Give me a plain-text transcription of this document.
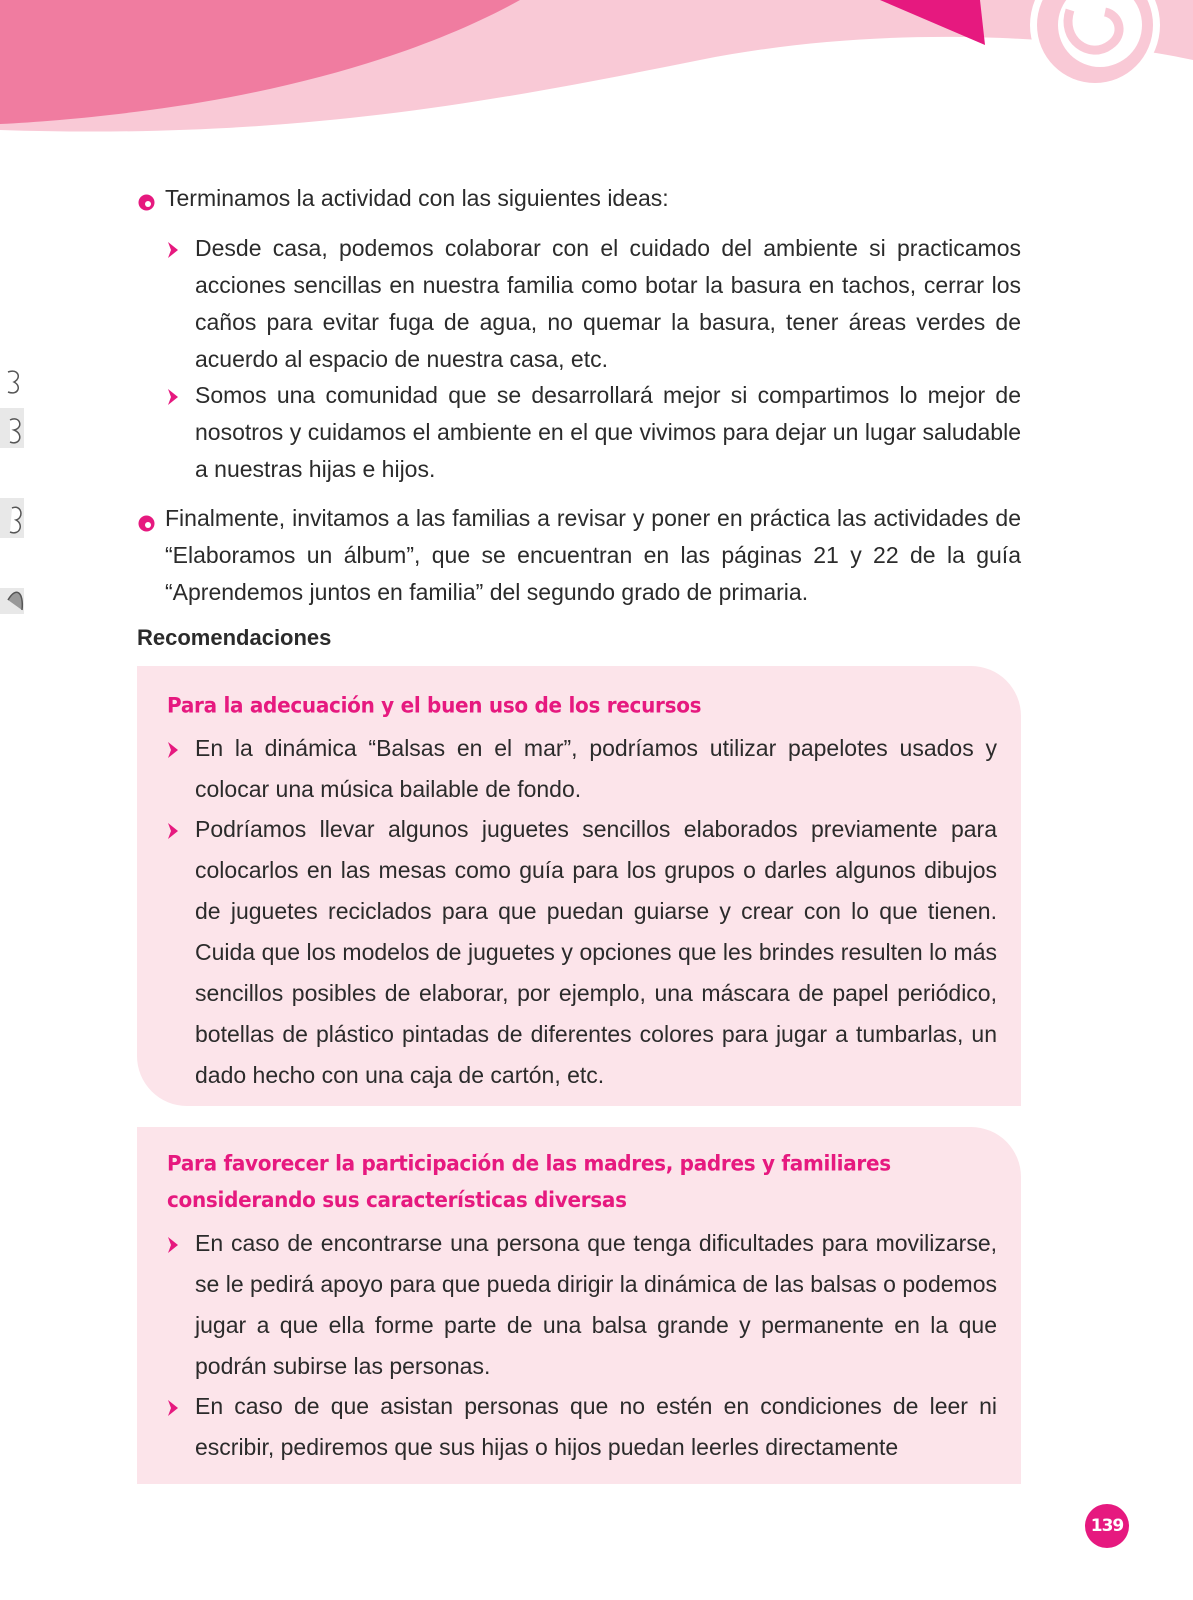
Terminamos la actividad con las siguientes ideas:
Desde casa, podemos colaborar con el cuidado del ambiente si practicamos acciones sencillas en nuestra familia como botar la basura en tachos, cerrar los caños para evitar fuga de agua, no quemar la basura, tener áreas verdes de acuerdo al espacio de nuestra casa, etc.
Somos una comunidad que se desarrollará mejor si compartimos lo mejor de nosotros y cuidamos el ambiente en el que vivimos para dejar un lugar saludable a nuestras hijas e hijos.
Finalmente, invitamos a las familias a revisar y poner en práctica las actividades de “Elaboramos un álbum”, que se encuentran en las páginas 21 y 22 de la guía “Aprendemos juntos en familia” del segundo grado de primaria.
Recomendaciones
Para la adecuación y el buen uso de los recursos
En la dinámica “Balsas en el mar”, podríamos utilizar papelotes usados y colocar una música bailable de fondo.
Podríamos llevar algunos juguetes sencillos elaborados previamente para colocarlos en las mesas como guía para los grupos o darles algunos dibujos de juguetes reciclados para que puedan guiarse y crear con lo que tienen. Cuida que los modelos de juguetes y opciones que les brindes resulten lo más sencillos posibles de elaborar, por ejemplo, una máscara de papel periódico, botellas de plástico pintadas de diferentes colores para jugar a tumbarlas, un dado hecho con una caja de cartón, etc.
Para favorecer la participación de las madres, padres y familiares considerando sus características diversas
En caso de encontrarse una persona que tenga dificultades para movilizarse, se le pedirá apoyo para que pueda dirigir la dinámica de las balsas o podemos jugar a que ella forme parte de una balsa grande y permanente en la que podrán subirse las personas.
En caso de que asistan personas que no estén en condiciones de leer ni escribir, pediremos que sus hijas o hijos puedan leerles directamente
139
